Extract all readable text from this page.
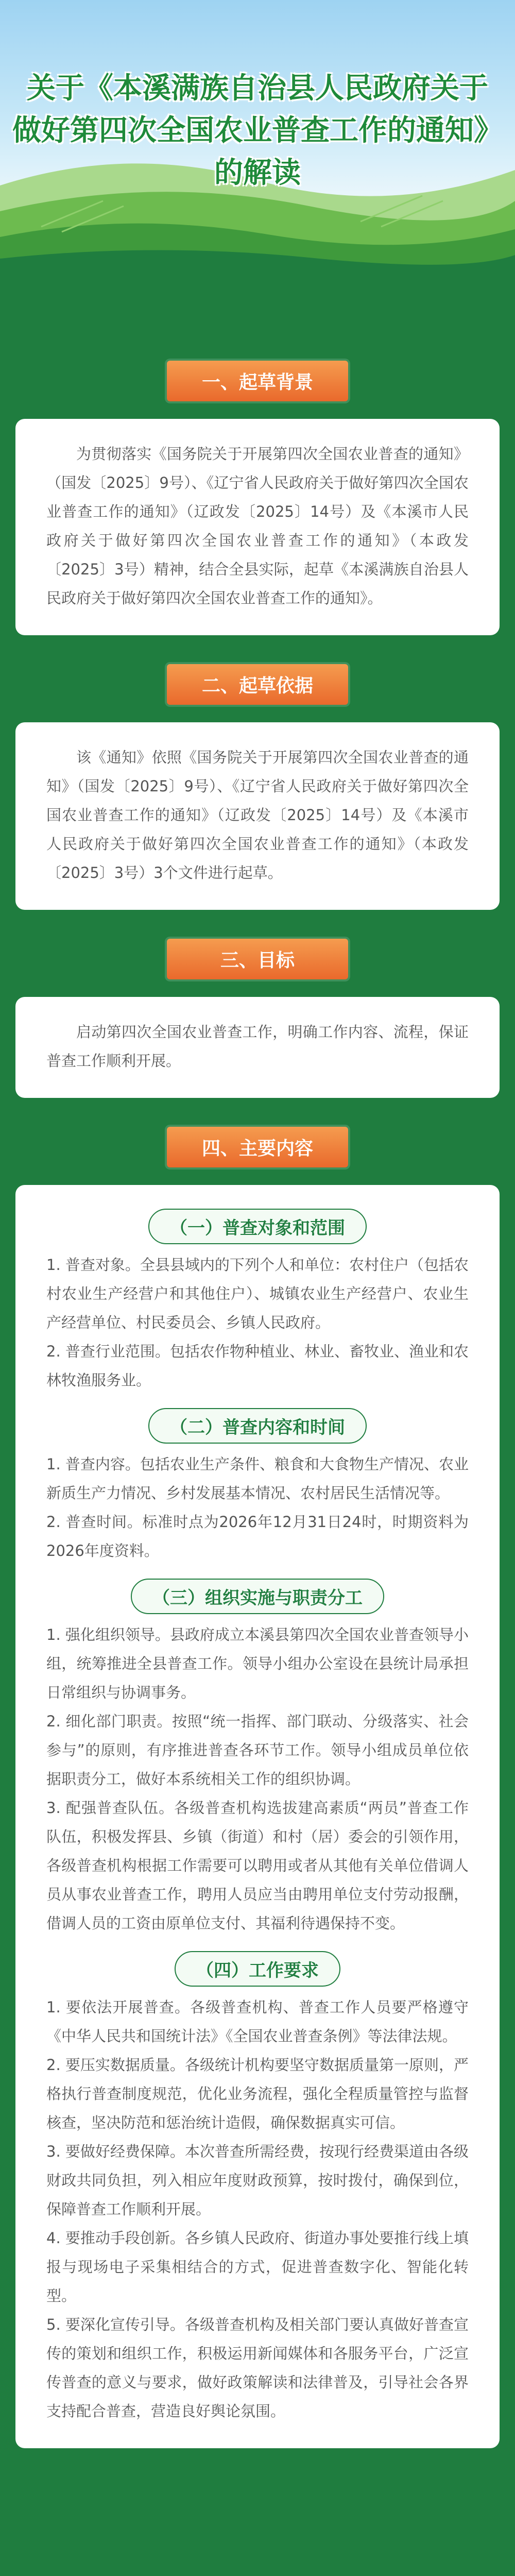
关于《本溪满族自治县人民政府关于
做好第四次全国农业普查工作的通知》
的解读
一、起草背景

为贯彻落实《国务院关于开展第四次全国农业普查的通知》（国发〔2025〕9号）、《辽宁省人民政府关于做好第四次全国农业普查工作的通知》（辽政发〔2025〕14号）及《本溪市人民政府关于做好第四次全国农业普查工作的通知》（本政发〔2025〕3号）精神，结合全县实际，起草《本溪满族自治县人民政府关于做好第四次全国农业普查工作的通知》。

二、起草依据

该《通知》依照《国务院关于开展第四次全国农业普查的通知》（国发〔2025〕9号）、《辽宁省人民政府关于做好第四次全国农业普查工作的通知》（辽政发〔2025〕14号）及《本溪市人民政府关于做好第四次全国农业普查工作的通知》（本政发〔2025〕3号）3个文件进行起草。

三、目标

启动第四次全国农业普查工作，明确工作内容、流程，保证普查工作顺利开展。

四、主要内容
（一）普查对象和范围

1. 普查对象。全县县域内的下列个人和单位：农村住户（包括农村农业生产经营户和其他住户）、城镇农业生产经营户、农业生产经营单位、村民委员会、乡镇人民政府。

2. 普查行业范围。包括农作物种植业、林业、畜牧业、渔业和农林牧渔服务业。

（二）普查内容和时间

1. 普查内容。包括农业生产条件、粮食和大食物生产情况、农业新质生产力情况、乡村发展基本情况、农村居民生活情况等。

2. 普查时间。标准时点为2026年12月31日24时，时期资料为2026年度资料。

（三）组织实施与职责分工

1. 强化组织领导。县政府成立本溪县第四次全国农业普查领导小组，统筹推进全县普查工作。领导小组办公室设在县统计局承担日常组织与协调事务。

2. 细化部门职责。按照“统一指挥、部门联动、分级落实、社会参与”的原则，有序推进普查各环节工作。领导小组成员单位依据职责分工，做好本系统相关工作的组织协调。

3. 配强普查队伍。各级普查机构选拔建高素质“两员”普查工作队伍，积极发挥县、乡镇（街道）和村（居）委会的引领作用，各级普查机构根据工作需要可以聘用或者从其他有关单位借调人员从事农业普查工作，聘用人员应当由聘用单位支付劳动报酬，借调人员的工资由原单位支付、其福利待遇保持不变。

（四）工作要求

1. 要依法开展普查。各级普查机构、普查工作人员要严格遵守《中华人民共和国统计法》《全国农业普查条例》等法律法规。

2. 要压实数据质量。各级统计机构要坚守数据质量第一原则，严格执行普查制度规范，优化业务流程，强化全程质量管控与监督核查，坚决防范和惩治统计造假，确保数据真实可信。

3. 要做好经费保障。本次普查所需经费，按现行经费渠道由各级财政共同负担，列入相应年度财政预算，按时拨付，确保到位，保障普查工作顺利开展。

4. 要推动手段创新。各乡镇人民政府、街道办事处要推行线上填报与现场电子采集相结合的方式，促进普查数字化、智能化转型。

5. 要深化宣传引导。各级普查机构及相关部门要认真做好普查宣传的策划和组织工作，积极运用新闻媒体和各服务平台，广泛宣传普查的意义与要求，做好政策解读和法律普及，引导社会各界支持配合普查，营造良好舆论氛围。
